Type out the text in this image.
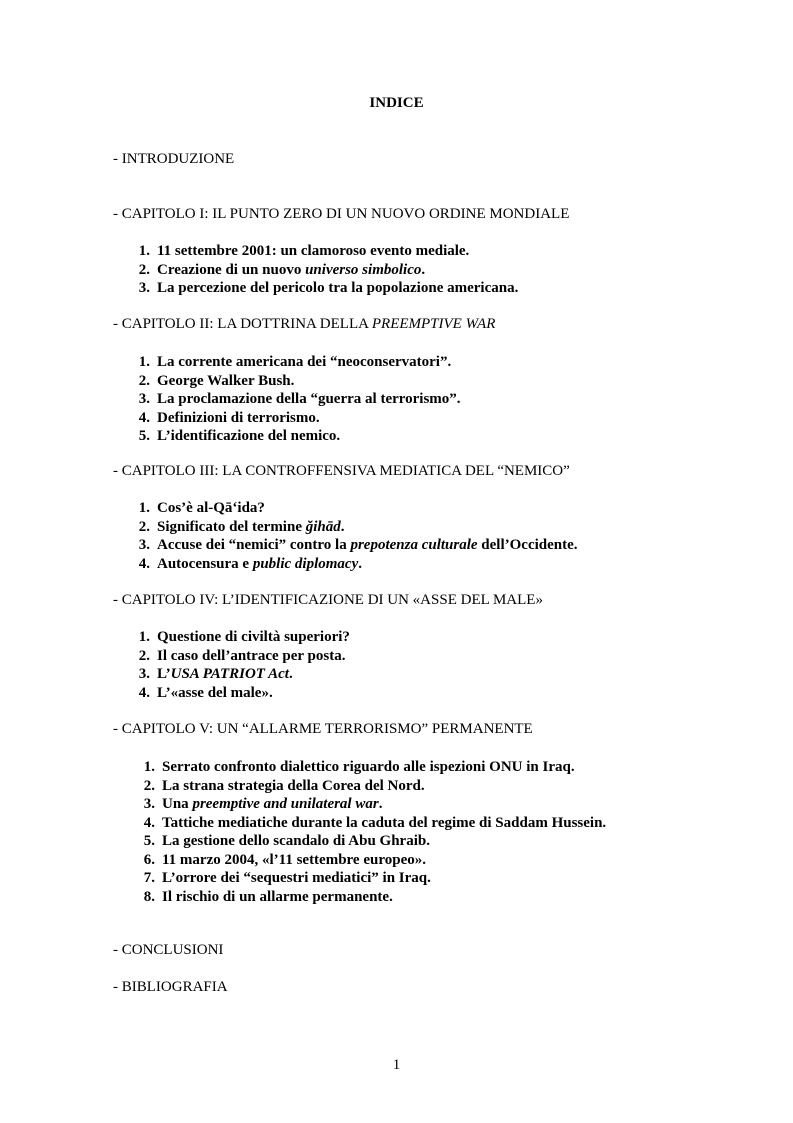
INDICE
- INTRODUZIONE
- CAPITOLO I: IL PUNTO ZERO DI UN NUOVO ORDINE MONDIALE
1. 11 settembre 2001: un clamoroso evento mediale.
2. Creazione di un nuovo universo simbolico.
3. La percezione del pericolo tra la popolazione americana.
- CAPITOLO II: LA DOTTRINA DELLA PREEMPTIVE WAR
1. La corrente americana dei “neoconservatori”.
2. George Walker Bush.
3. La proclamazione della “guerra al terrorismo”.
4. Definizioni di terrorismo.
5. L’identificazione del nemico.
- CAPITOLO III: LA CONTROFFENSIVA MEDIATICA DEL “NEMICO”
1. Cos’è al-Qā‘ida?
2. Significato del termine ğihād.
3. Accuse dei “nemici” contro la prepotenza culturale dell’Occidente.
4. Autocensura e public diplomacy.
- CAPITOLO IV: L’IDENTIFICAZIONE DI UN «ASSE DEL MALE»
1. Questione di civiltà superiori?
2. Il caso dell’antrace per posta.
3. L’USA PATRIOT Act.
4. L’«asse del male».
- CAPITOLO V: UN “ALLARME TERRORISMO” PERMANENTE
1. Serrato confronto dialettico riguardo alle ispezioni ONU in Iraq.
2. La strana strategia della Corea del Nord.
3. Una preemptive and unilateral war.
4. Tattiche mediatiche durante la caduta del regime di Saddam Hussein.
5. La gestione dello scandalo di Abu Ghraib.
6. 11 marzo 2004, «l’11 settembre europeo».
7. L’orrore dei “sequestri mediatici” in Iraq.
8. Il rischio di un allarme permanente.
- CONCLUSIONI
- BIBLIOGRAFIA
1
